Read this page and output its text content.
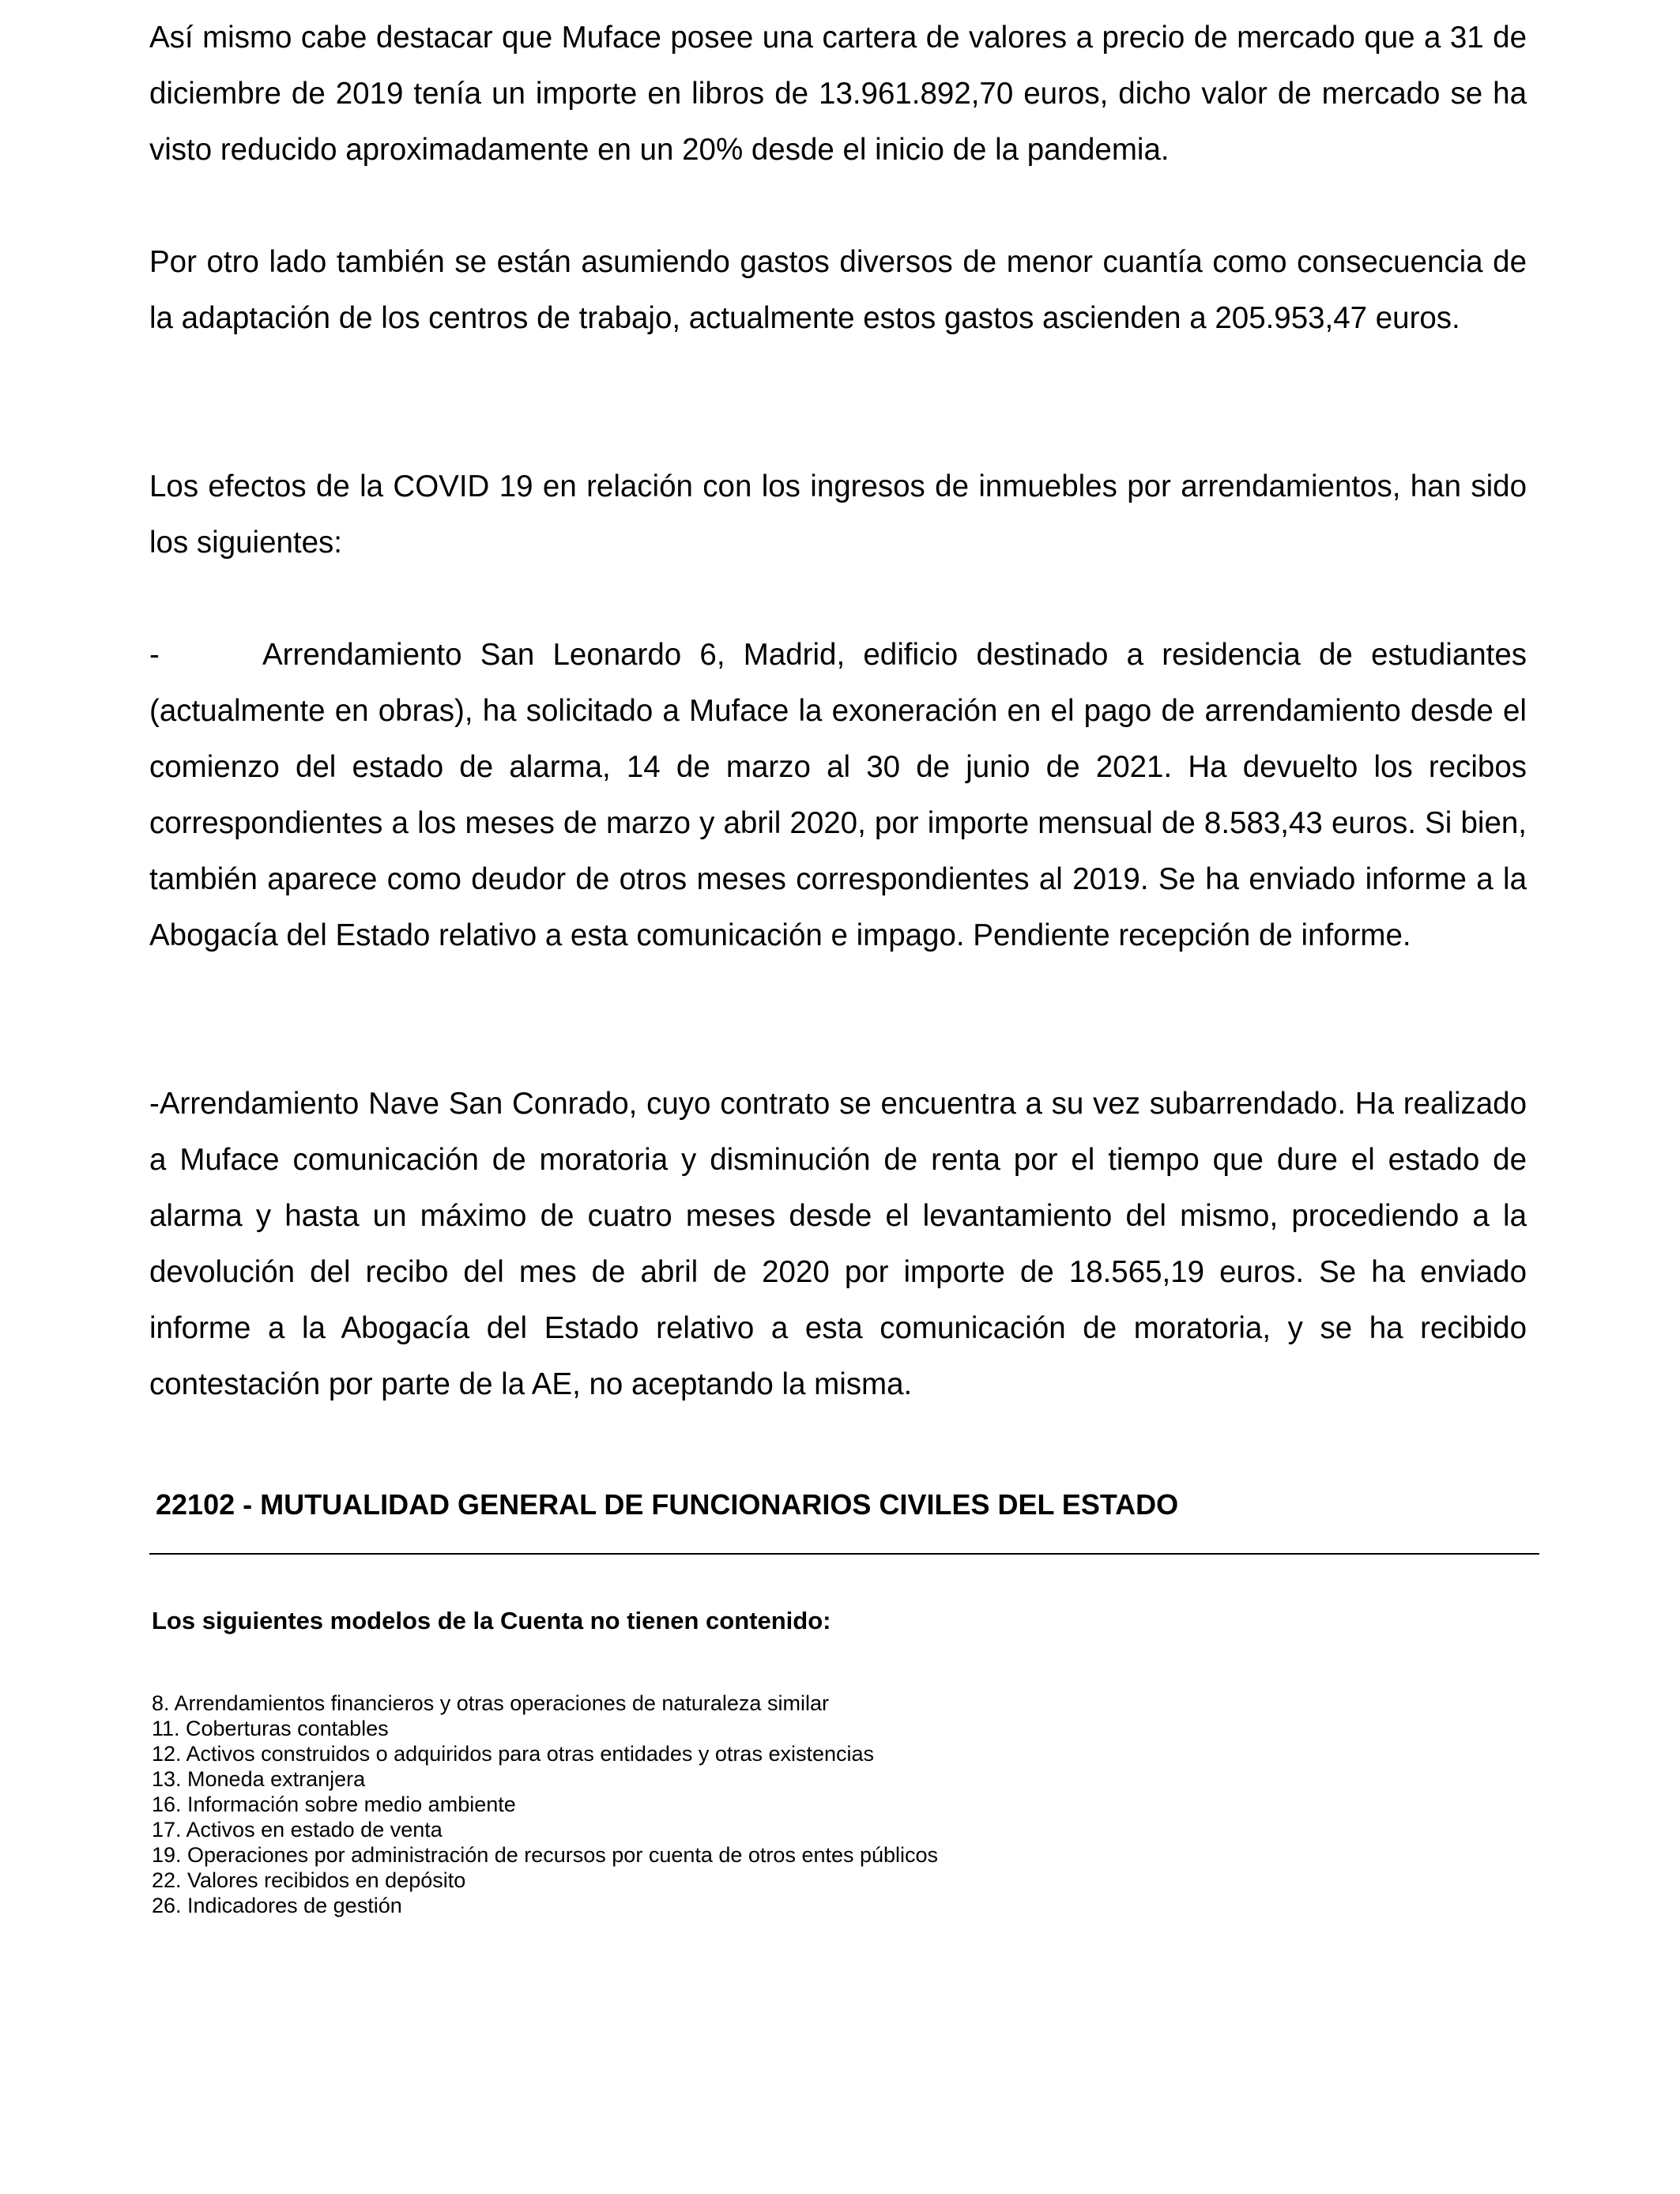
Así mismo cabe destacar que Muface posee una cartera de valores a precio de mercado que a 31 de diciembre de 2019 tenía un importe en libros de 13.961.892,70 euros, dicho valor de mercado se ha visto reducido aproximadamente en un 20% desde el inicio de la pandemia.

Por otro lado también se están asumiendo gastos diversos de menor cuantía como consecuencia de la adaptación de los centros de trabajo, actualmente estos gastos ascienden a 205.953,47 euros.

Los efectos de la COVID 19 en relación con los ingresos de inmuebles por arrendamientos, han sido los siguientes:

-	Arrendamiento San Leonardo 6, Madrid, edificio destinado a residencia de estudiantes (actualmente en obras), ha solicitado a Muface la exoneración en el pago de arrendamiento desde el comienzo del estado de alarma, 14 de marzo al 30 de junio de 2021. Ha devuelto los recibos correspondientes a los meses de marzo y abril 2020, por importe mensual de 8.583,43 euros. Si bien, también aparece como deudor de otros meses correspondientes al 2019. Se ha enviado informe a la Abogacía del Estado relativo a esta comunicación e impago. Pendiente recepción de informe.

-Arrendamiento Nave San Conrado, cuyo contrato se encuentra a su vez subarrendado. Ha realizado a Muface comunicación de moratoria y disminución de renta por el tiempo que dure el estado de alarma y hasta un máximo de cuatro meses desde el levantamiento del mismo, procediendo a la devolución del recibo del mes de abril de 2020 por importe de 18.565,19 euros. Se ha enviado informe a la Abogacía del Estado relativo a esta comunicación de moratoria, y se ha recibido contestación por parte de la AE, no aceptando la misma.

22102 - MUTUALIDAD GENERAL DE FUNCIONARIOS CIVILES DEL ESTADO
Los siguientes modelos de la Cuenta no tienen contenido:
8. Arrendamientos financieros y otras operaciones de naturaleza similar
11. Coberturas contables
12. Activos construidos o adquiridos para otras entidades y otras existencias
13. Moneda extranjera
16. Información sobre medio ambiente
17. Activos en estado de venta
19. Operaciones por administración de recursos por cuenta de otros entes públicos
22. Valores recibidos en depósito
26. Indicadores de gestión
